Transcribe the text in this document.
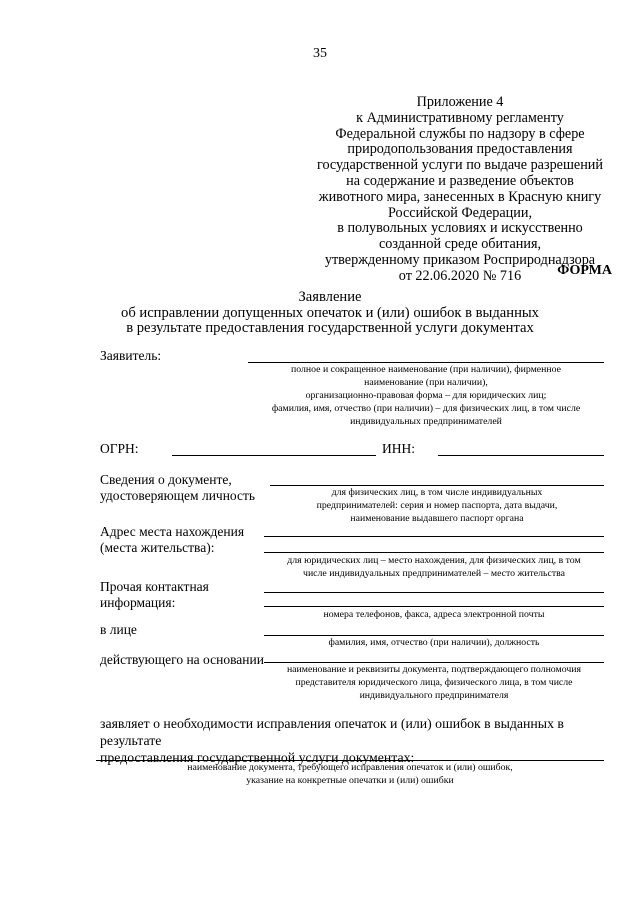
35
Приложение 4
к Административному регламенту
Федеральной службы по надзору в сфере
природопользования предоставления
государственной услуги по выдаче разрешений
на содержание и разведение объектов
животного мира, занесенных в Красную книгу
Российской Федерации,
в полувольных условиях и искусственно
созданной среде обитания,
утвержденному приказом Росприроднадзора
от 22.06.2020 № 716	ФОРМА
Заявление
об исправлении допущенных опечаток и (или) ошибок в выданных
в результате предоставления государственной услуги документах
Заявитель:
полное и сокращенное наименование (при наличии), фирменное
наименование (при наличии),
организационно-правовая форма – для юридических лиц;
фамилия, имя, отчество (при наличии) – для физических лиц, в том числе
индивидуальных предпринимателей
ОГРН:	ИНН:
Сведения о документе,
удостоверяющем личность	для физических лиц, в том числе индивидуальных
предпринимателей: серия и номер паспорта, дата выдачи,
наименование выдавшего паспорт органа
Адрес места нахождения
(места жительства):
для юридических лиц – место нахождения, для физических лиц, в том
числе индивидуальных предпринимателей – место жительства
Прочая контактная
информация:
номера телефонов, факса, адреса электронной почты
в лице
фамилия, имя, отчество (при наличии), должность
действующего на основании
наименование и реквизиты документа, подтверждающего полномочия
представителя юридического лица, физического лица, в том числе
индивидуального предпринимателя
заявляет о необходимости исправления опечаток и (или) ошибок в выданных в результате
предоставления государственной услуги документах:
наименование документа, требующего исправления опечаток и (или) ошибок,
указание на конкретные опечатки и (или) ошибки
